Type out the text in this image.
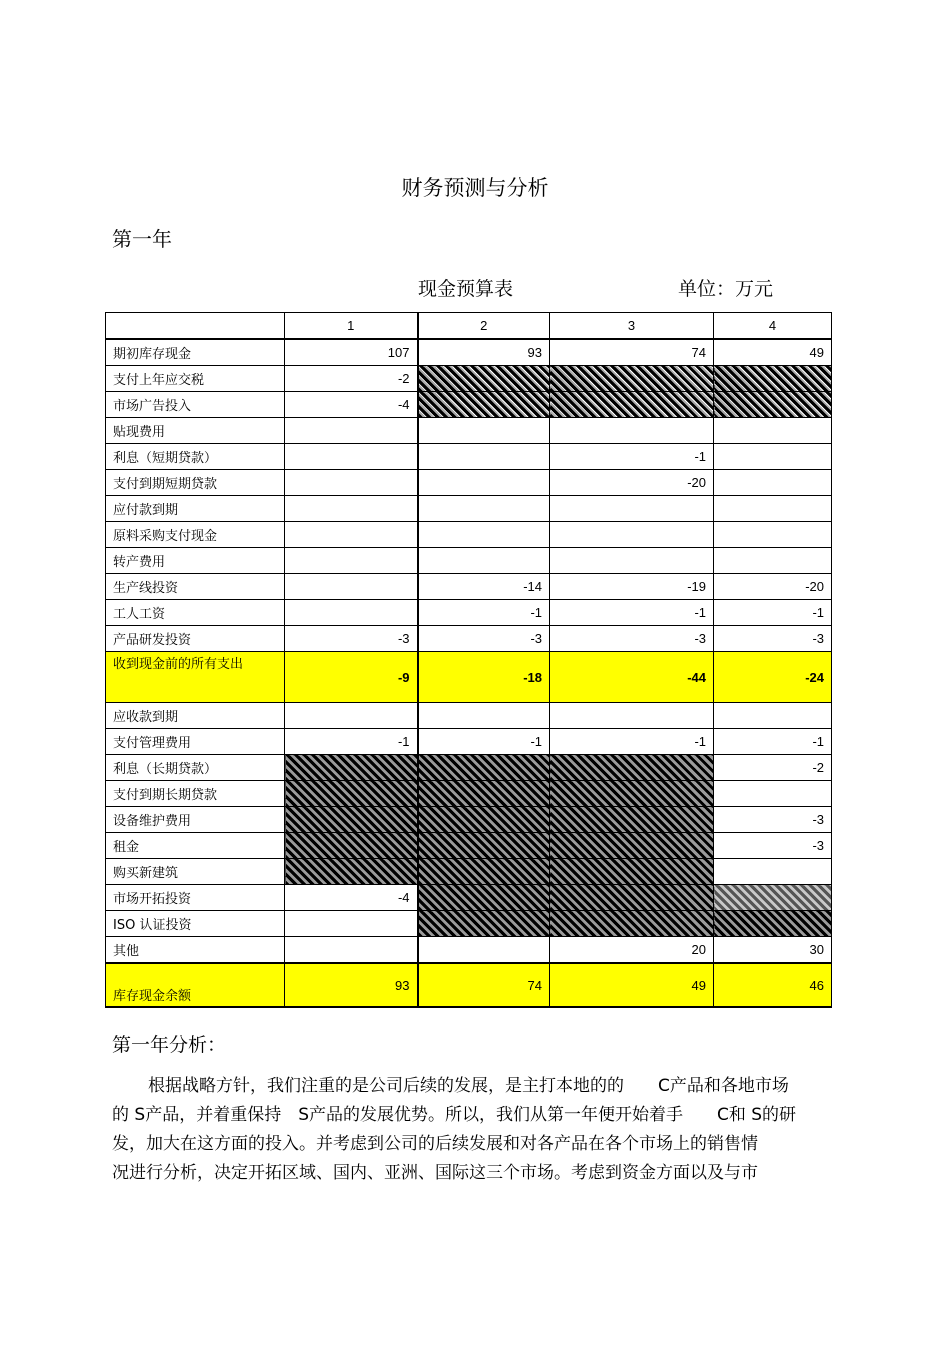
财务预测与分析
第一年
现金预算表	单位：万元
	1	2	3	4
期初库存现金	107	93	74	49
支付上年应交税	-2			
市场广告投入	-4			
贴现费用				
利息（短期贷款）			-1	
支付到期短期贷款			-20	
应付款到期				
原料采购支付现金				
转产费用				
生产线投资		-14	-19	-20
工人工资		-1	-1	-1
产品研发投资	-3	-3	-3	-3
收到现金前的所有支出	-9	-18	-44	-24
应收款到期				
支付管理费用	-1	-1	-1	-1
利息（长期贷款）				-2
支付到期长期贷款				
设备维护费用				-3
租金				-3
购买新建筑				
市场开拓投资	-4			
ISO 认证投资				
其他			20	30
库存现金余额	93	74	49	46
第一年分析：
根据战略方针，我们注重的是公司后续的发展，是主打本地的的　　C产品和各地市场
的 S产品，并着重保持　S产品的发展优势。所以，我们从第一年便开始着手　　C和 S的研
发，加大在这方面的投入。并考虑到公司的后续发展和对各产品在各个市场上的销售情
况进行分析，决定开拓区域、国内、亚洲、国际这三个市场。考虑到资金方面以及与市
